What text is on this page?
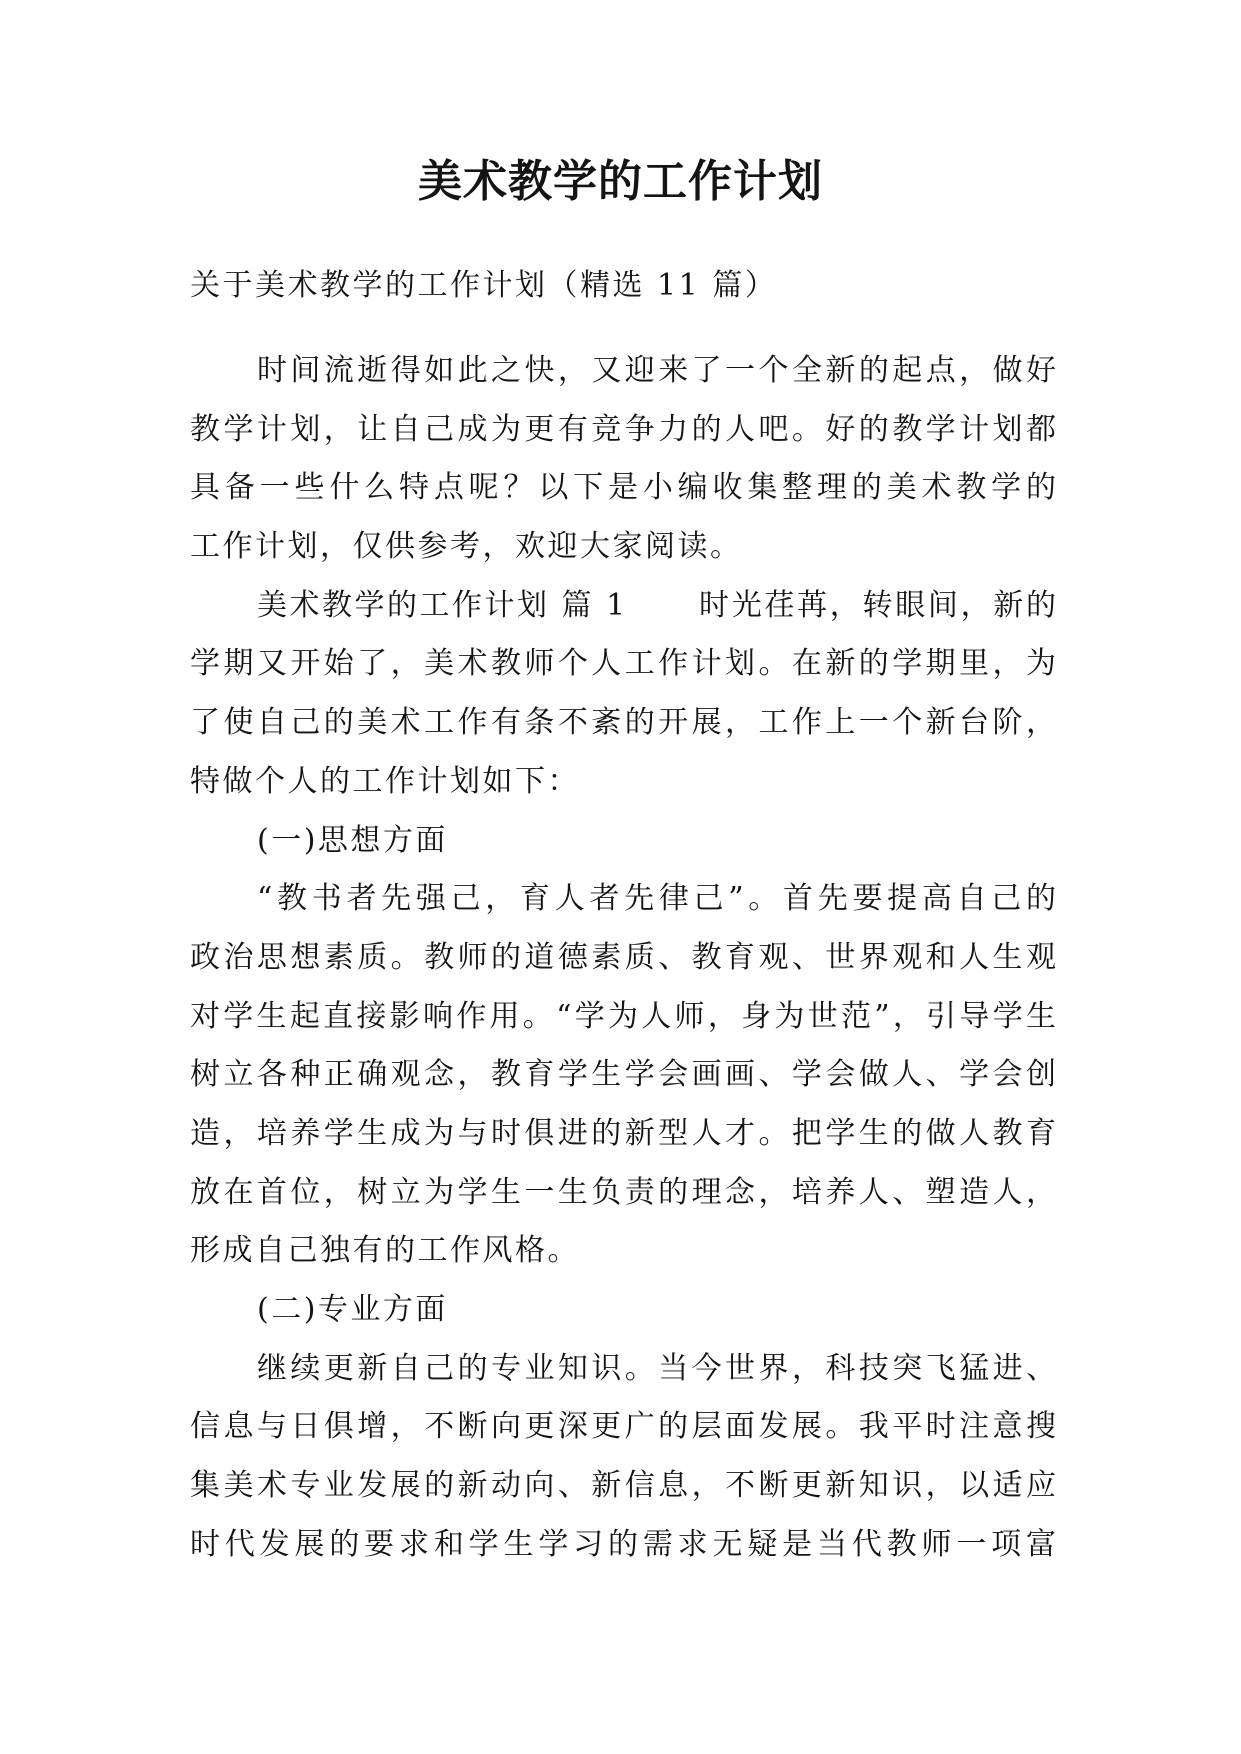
美术教学的工作计划
关于美术教学的工作计划（精选 11 篇）
时间流逝得如此之快，又迎来了一个全新的起点，做好
教学计划，让自己成为更有竞争力的人吧。好的教学计划都
具备一些什么特点呢？以下是小编收集整理的美术教学的
工作计划，仅供参考，欢迎大家阅读。
美术教学的工作计划 篇 1 时光荏苒，转眼间，新的
学期又开始了，美术教师个人工作计划。在新的学期里，为
了使自己的美术工作有条不紊的开展，工作上一个新台阶，
特做个人的工作计划如下：
(一)思想方面
“教书者先强己，育人者先律己”。首先要提高自己的
政治思想素质。教师的道德素质、教育观、世界观和人生观
对学生起直接影响作用。“学为人师，身为世范”，引导学生
树立各种正确观念，教育学生学会画画、学会做人、学会创
造，培养学生成为与时俱进的新型人才。把学生的做人教育
放在首位，树立为学生一生负责的理念，培养人、塑造人，
形成自己独有的工作风格。
(二)专业方面
继续更新自己的专业知识。当今世界，科技突飞猛进、
信息与日俱增，不断向更深更广的层面发展。我平时注意搜
集美术专业发展的新动向、新信息，不断更新知识，以适应
时代发展的要求和学生学习的需求无疑是当代教师一项富
